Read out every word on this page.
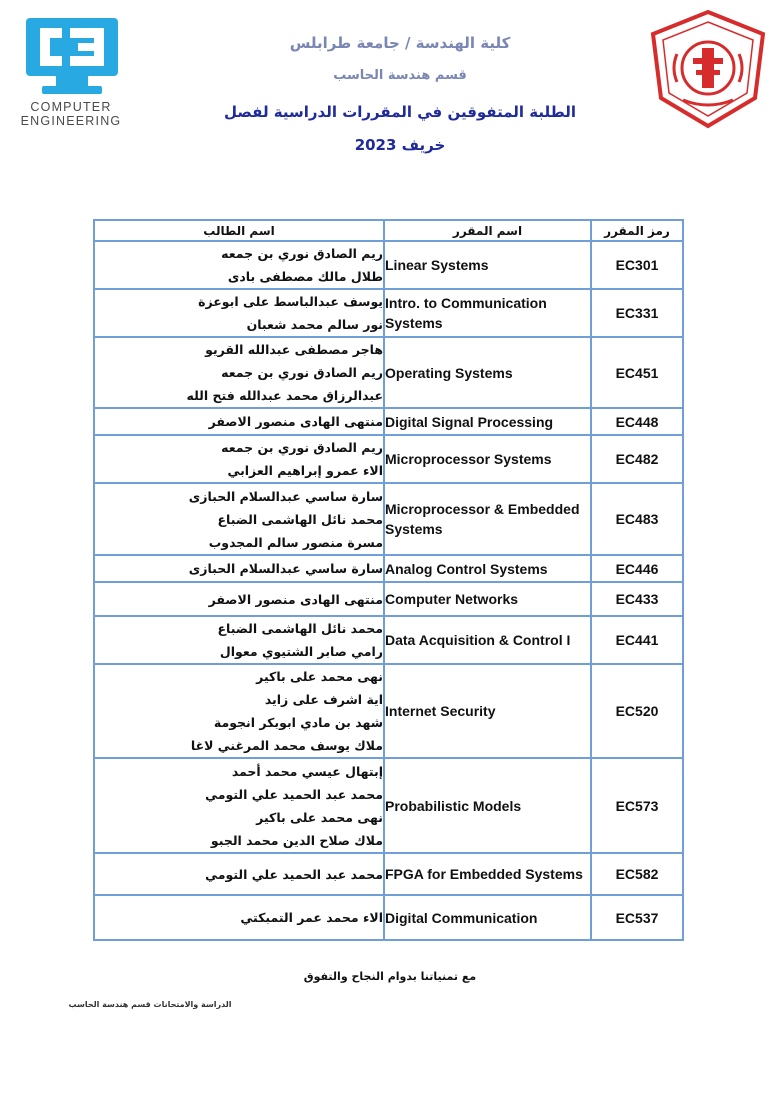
COMPUTER
ENGINEERING
كلية الهندسة / جامعة طرابلس
قسم هندسة الحاسب
الطلبة المتفوقين في المقررات الدراسية لفصل
خريف 2023
اسم الطالب	اسم المقرر	رمز المقرر

ريم الصادق نوري بن جمعه
طلال مالك مصطفى بادى	Linear Systems	EC301

يوسف عبدالباسط على ابوعزة
نور سالم محمد شعبان	Intro. to Communication Systems	EC331

هاجر مصطفى عبدالله القريو
ريم الصادق نوري بن جمعه
عبدالرزاق محمد عبدالله فتح الله	Operating Systems	EC451

منتهى الهادى منصور الاصفر	Digital Signal Processing	EC448

ريم الصادق نوري بن جمعه
الاء عمرو إبراهيم العزابي	Microprocessor Systems	EC482

سارة ساسي عبدالسلام الحبازى
محمد نائل الهاشمى الضباع
مسرة منصور سالم المجدوب	Microprocessor & Embedded Systems	EC483

سارة ساسي عبدالسلام الحبازى	Analog Control Systems	EC446

منتهى الهادى منصور الاصفر	Computer Networks	EC433

محمد نائل الهاشمى الضباع
رامي صابر الشتيوي معوال	Data Acquisition & Control I	EC441

نهى محمد على باكير
اية اشرف على زايد
شهد بن مادي ابوبكر انجومة
ملاك يوسف محمد المرغني لاغا	Internet Security	EC520

إبتهال عيسي محمد أحمد
محمد عبد الحميد علي التومي
نهى محمد على باكير
ملاك صلاح الدين محمد الجبو	Probabilistic Models	EC573

محمد عبد الحميد علي التومي	FPGA for Embedded Systems	EC582

الاء محمد عمر التمبكتي	Digital Communication	EC537
مع تمنياتنا بدوام النجاح والتفوق
الدراسة والامتحانات قسم هندسة الحاسب
